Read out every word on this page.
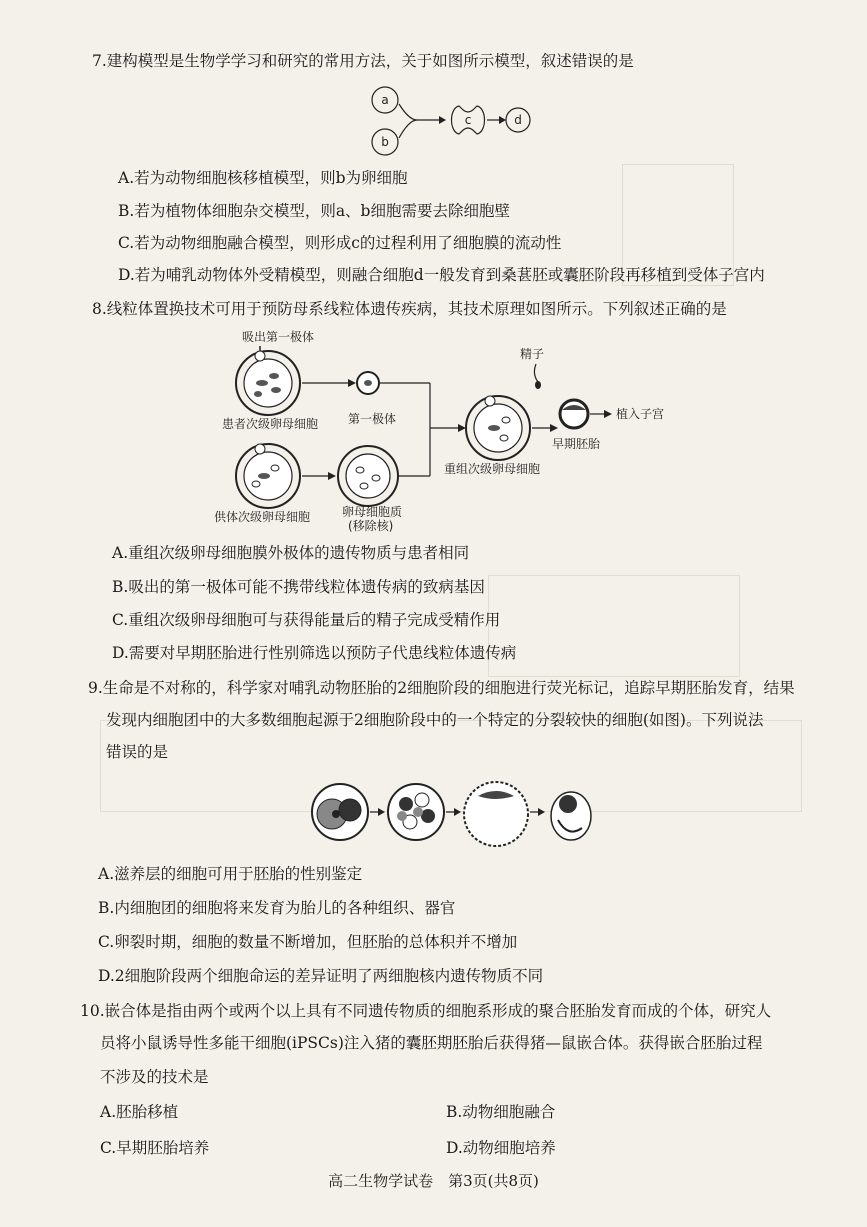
7.建构模型是生物学学习和研究的常用方法，关于如图所示模型，叙述错误的是
a
b
c	d
A.若为动物细胞核移植模型，则b为卵细胞
B.若为植物体细胞杂交模型，则a、b细胞需要去除细胞壁
C.若为动物细胞融合模型，则形成c的过程利用了细胞膜的流动性
D.若为哺乳动物体外受精模型，则融合细胞d一般发育到桑葚胚或囊胚阶段再移植到受体子宫内
8.线粒体置换技术可用于预防母系线粒体遗传疾病，其技术原理如图所示。下列叙述正确的是
吸出第一极体
患者次级卵母细胞 第一极体
供体次级卵母细胞	卵母细胞质
(移除核)
重组次级卵母细胞
精子
早期胚胎
植入子宫
A.重组次级卵母细胞膜外极体的遗传物质与患者相同
B.吸出的第一极体可能不携带线粒体遗传病的致病基因
C.重组次级卵母细胞可与获得能量后的精子完成受精作用
D.需要对早期胚胎进行性别筛选以预防子代患线粒体遗传病
9.生命是不对称的，科学家对哺乳动物胚胎的2细胞阶段的细胞进行荧光标记，追踪早期胚胎发育，结果
发现内细胞团中的大多数细胞起源于2细胞阶段中的一个特定的分裂较快的细胞(如图)。下列说法
错误的是
A.滋养层的细胞可用于胚胎的性别鉴定
B.内细胞团的细胞将来发育为胎儿的各种组织、器官
C.卵裂时期，细胞的数量不断增加，但胚胎的总体积并不增加
D.2细胞阶段两个细胞命运的差异证明了两细胞核内遗传物质不同
10.嵌合体是指由两个或两个以上具有不同遗传物质的细胞系形成的聚合胚胎发育而成的个体，研究人
员将小鼠诱导性多能干细胞(iPSCs)注入猪的囊胚期胚胎后获得猪—鼠嵌合体。获得嵌合胚胎过程
不涉及的技术是
A.胚胎移植	B.动物细胞融合
C.早期胚胎培养	D.动物细胞培养
高二生物学试卷　第3页(共8页)
